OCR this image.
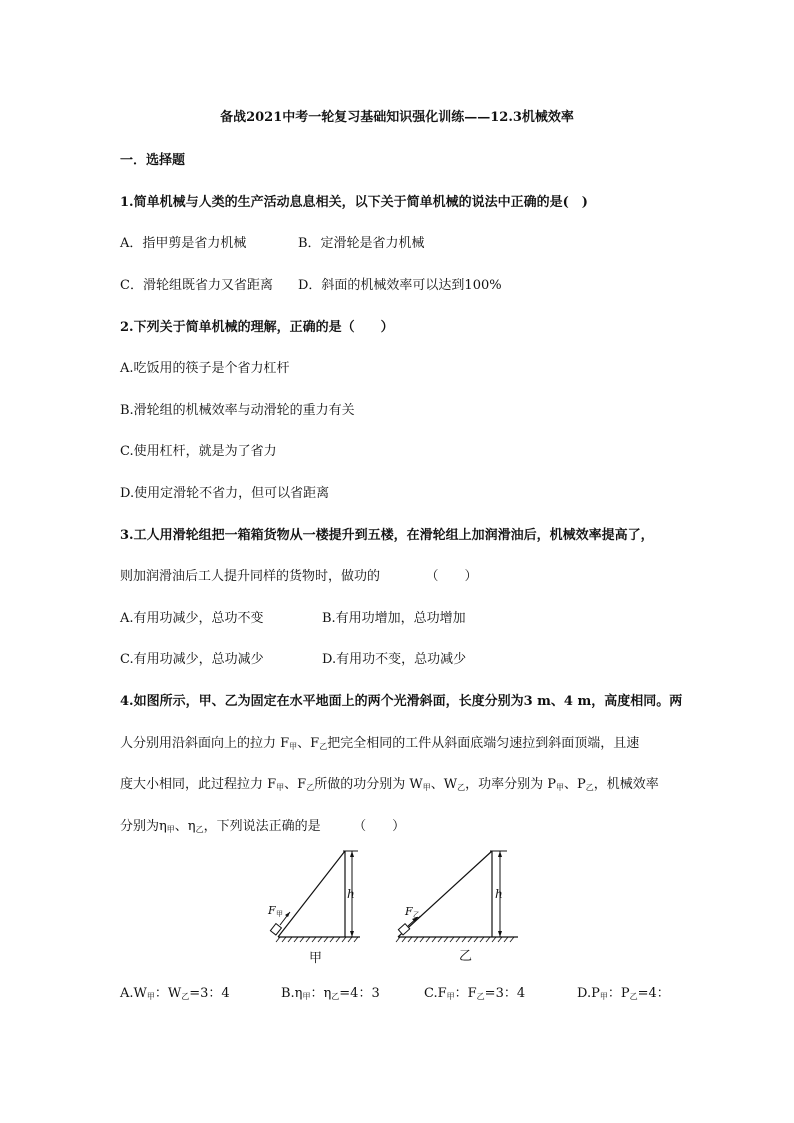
备战2021中考一轮复习基础知识强化训练——12.3机械效率
一．选择题
1.简单机械与人类的生产活动息息相关，以下关于简单机械的说法中正确的是(　)
A．指甲剪是省力机械	B．定滑轮是省力机械
C．滑轮组既省力又省距离 D．斜面的机械效率可以达到100%
2.下列关于简单机械的理解，正确的是（　　）
A.吃饭用的筷子是个省力杠杆
B.滑轮组的机械效率与动滑轮的重力有关
C.使用杠杆，就是为了省力
D.使用定滑轮不省力，但可以省距离
3.工人用滑轮组把一箱箱货物从一楼提升到五楼，在滑轮组上加润滑油后，机械效率提高了，
则加润滑油后工人提升同样的货物时，做功的　　　　（　　）
A.有用功减少，总功不变	B.有用功增加，总功增加
C.有用功减少，总功减少	D.有用功不变，总功减少
4.如图所示，甲、乙为固定在水平地面上的两个光滑斜面，长度分别为3 m、4 m，高度相同。两
人分别用沿斜面向上的拉力 $F_甲$、$F_乙$把完全相同的工件从斜面底端匀速拉到斜面顶端，且速
度大小相同，此过程拉力 $F_甲$、$F_乙$所做的功分别为 $W_甲$、$W_乙$，功率分别为 $P_甲$、$P_乙$，机械效率
分别为$\eta_甲$、$\eta_乙$，下列说法正确的是　　　（　　）
F 甲
h
甲
F 乙
h
乙
$A.W_甲$：$W_乙=3$：4	$B.\eta_甲$：$\eta_乙=4$：3	$C.F_甲$：$F_乙=3$：4	$D.P_甲$：$P_乙=4$：
